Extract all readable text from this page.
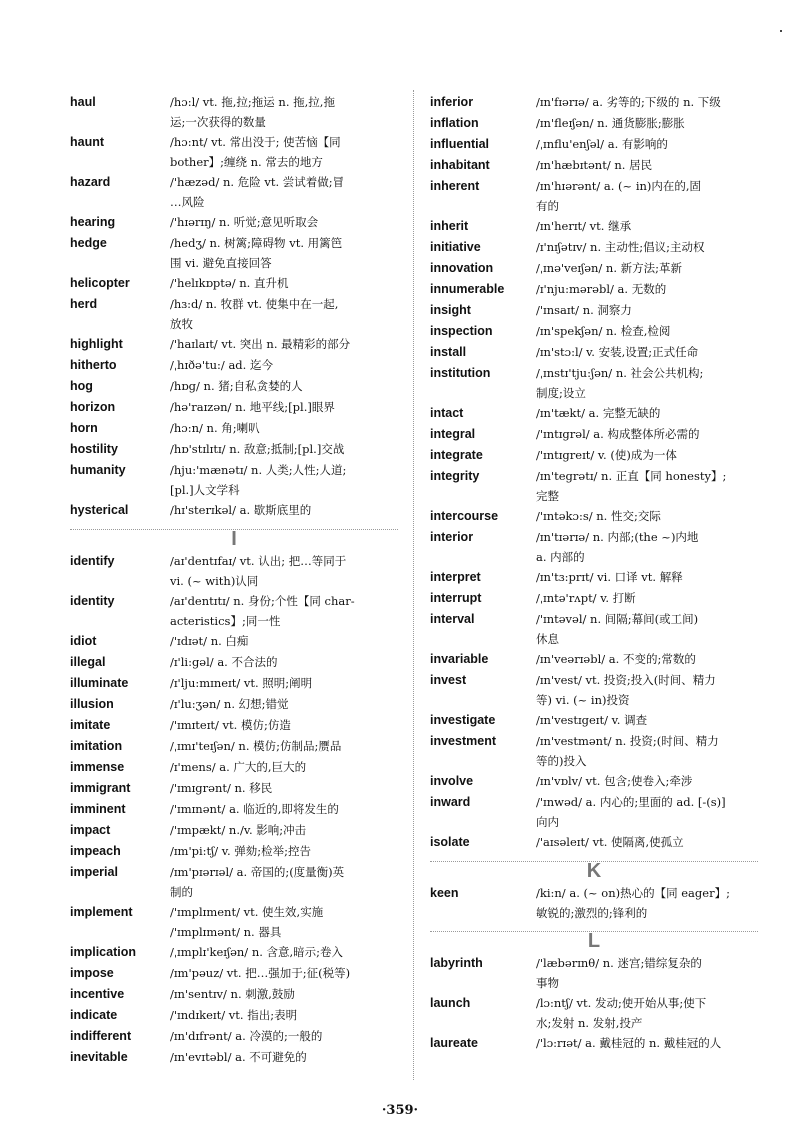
haul	/hɔ:l/ vt. 拖,拉;拖运 n. 拖,拉,拖
运;一次获得的数量
haunt	/hɔ:nt/ vt. 常出没于; 使苦恼【同
bother】;缠绕 n. 常去的地方
hazard	/'hæzəd/ n. 危险 vt. 尝试着做;冒
…风险
hearing	/'hɪərɪŋ/ n. 听觉;意见听取会
hedge	/hedʒ/ n. 树篱;障碍物 vt. 用篱笆
围 vi. 避免直接回答
helicopter	/'helɪkɒptə/ n. 直升机
herd	/hɜ:d/ n. 牧群 vt. 使集中在一起,
放牧
highlight	/'haɪlaɪt/ vt. 突出 n. 最精彩的部分
hitherto	/ˌhɪðə'tu:/ ad. 迄今
hog	/hɒg/ n. 猪;自私贪婪的人
horizon	/hə'raɪzən/ n. 地平线;[pl.]眼界
horn	/hɔ:n/ n. 角;喇叭
hostility	/hɒ'stɪlɪtɪ/ n. 敌意;抵制;[pl.]交战
humanity	/hju:'mænətɪ/ n. 人类;人性;人道;
[pl.]人文学科
hysterical	/hɪ'sterɪkəl/ a. 歇斯底里的
I
identify	/aɪ'dentɪfaɪ/ vt. 认出; 把…等同于
vi. (~ with)认同
identity	/aɪ'dentɪtɪ/ n. 身份;个性【同 char-
acteristics】;同一性
idiot	/'ɪdɪət/ n. 白痴
illegal	/ɪ'li:gəl/ a. 不合法的
illuminate	/ɪ'lju:mɪneɪt/ vt. 照明;阐明
illusion	/ɪ'lu:ʒən/ n. 幻想;错觉
imitate	/'ɪmɪteɪt/ vt. 模仿;仿造
imitation	/ˌɪmɪ'teɪʃən/ n. 模仿;仿制品;赝品
immense	/ɪ'mens/ a. 广大的,巨大的
immigrant	/'ɪmɪgrənt/ n. 移民
imminent	/'ɪmɪnənt/ a. 临近的,即将发生的
impact	/'ɪmpækt/ n./v. 影响;冲击
impeach	/ɪm'pi:tʃ/ v. 弹劾;检举;控告
imperial	/ɪm'pɪərɪəl/ a. 帝国的;(度量衡)英
制的
implement	/'ɪmplɪment/ vt. 使生效,实施
/'ɪmplɪmənt/ n. 器具
implication	/ˌɪmplɪ'keɪʃən/ n. 含意,暗示;卷入
impose	/ɪm'pəuz/ vt. 把…强加于;征(税等)
incentive	/ɪn'sentɪv/ n. 刺激,鼓励
indicate	/'ɪndɪkeɪt/ vt. 指出;表明
indifferent	/ɪn'dɪfrənt/ a. 冷漠的;一般的
inevitable	/ɪn'evɪtəbl/ a. 不可避免的
inferior	/ɪn'fɪərɪə/ a. 劣等的;下级的 n. 下级
inflation	/ɪn'fleɪʃən/ n. 通货膨胀;膨胀
influential	/ˌɪnflu'enʃəl/ a. 有影响的
inhabitant	/ɪn'hæbɪtənt/ n. 居民
inherent	/ɪn'hɪərənt/ a. (~ in)内在的,固
有的
inherit	/ɪn'herɪt/ vt. 继承
initiative	/ɪ'nɪʃətɪv/ n. 主动性;倡议;主动权
innovation	/ˌɪnə'veɪʃən/ n. 新方法;革新
innumerable	/ɪ'nju:mərəbl/ a. 无数的
insight	/'ɪnsaɪt/ n. 洞察力
inspection	/ɪn'spekʃən/ n. 检查,检阅
install	/ɪn'stɔ:l/ v. 安装,设置;正式任命
institution	/ˌɪnstɪ'tju:ʃən/ n. 社会公共机构;
制度;设立
intact	/ɪn'tækt/ a. 完整无缺的
integral	/'ɪntɪgrəl/ a. 构成整体所必需的
integrate	/'ɪntɪgreɪt/ v. (使)成为一体
integrity	/ɪn'tegrətɪ/ n. 正直【同 honesty】;
完整
intercourse	/'ɪntəkɔ:s/ n. 性交;交际
interior	/ɪn'tɪərɪə/ n. 内部;(the ~)内地
a. 内部的
interpret	/ɪn'tɜ:prɪt/ vi. 口译 vt. 解释
interrupt	/ˌɪntə'rʌpt/ v. 打断
interval	/'ɪntəvəl/ n. 间隔;幕间(或工间)
休息
invariable	/ɪn'veərɪəbl/ a. 不变的;常数的
invest	/ɪn'vest/ vt. 投资;投入(时间、精力
等) vi. (~ in)投资
investigate	/ɪn'vestɪgeɪt/ v. 调查
investment	/ɪn'vestmənt/ n. 投资;(时间、精力
等的)投入
involve	/ɪn'vɒlv/ vt. 包含;使卷入;牵涉
inward	/'ɪnwəd/ a. 内心的;里面的 ad. [-(s)]
向内
isolate	/'aɪsəleɪt/ vt. 使隔离,使孤立
K
keen	/ki:n/ a. (~ on)热心的【同 eager】;
敏锐的;激烈的;锋利的
L
labyrinth	/'læbərɪnθ/ n. 迷宫;错综复杂的
事物
launch	/lɔ:ntʃ/ vt. 发动;使开始从事;使下
水;发射 n. 发射,投产
laureate	/'lɔ:rɪət/ a. 戴桂冠的 n. 戴桂冠的人
·359·
